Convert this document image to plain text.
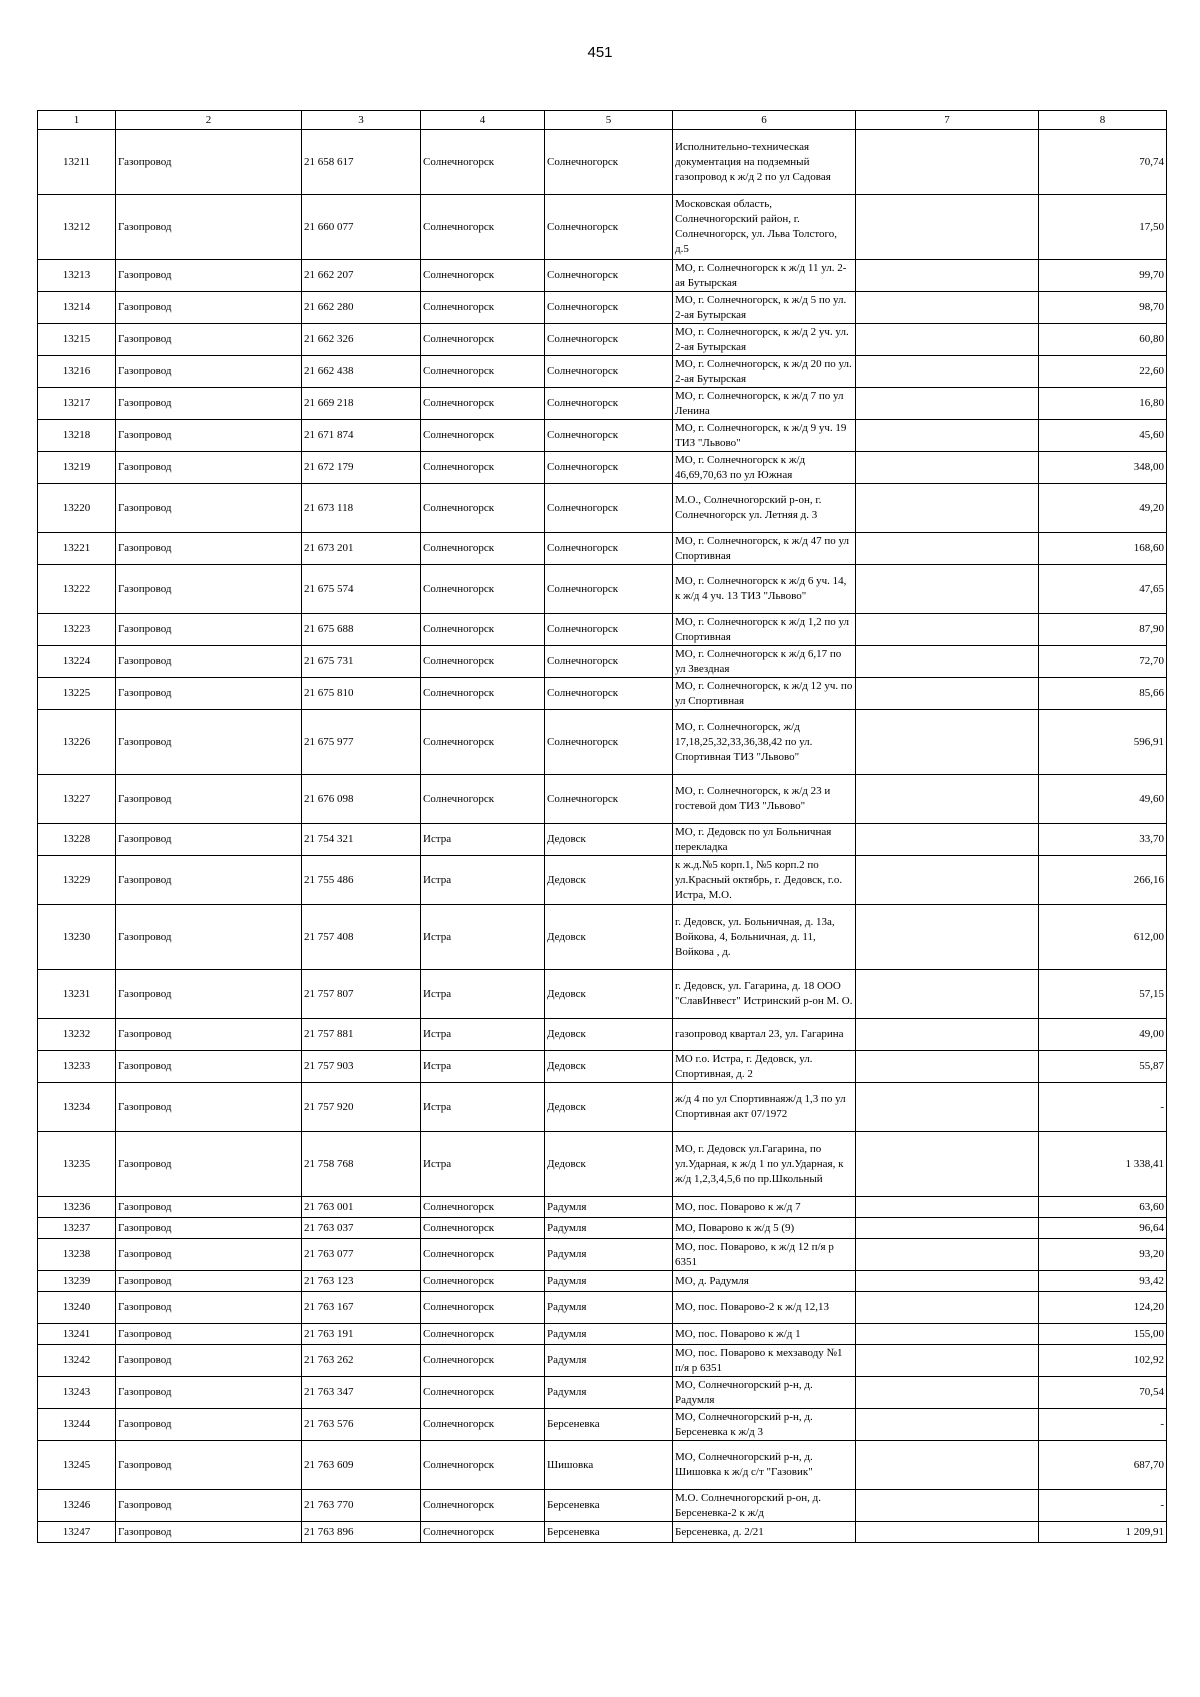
451
1	2	3	4	5	6	7	8
13211	Газопровод	21 658 617	Солнечногорск	Солнечногорск	Исполнительно-техническая документация на подземный газопровод к ж/д 2 по ул Садовая		70,74
13212	Газопровод	21 660 077	Солнечногорск	Солнечногорск	Московская область, Солнечногорский район, г. Солнечногорск, ул. Льва Толстого, д.5		17,50
13213	Газопровод	21 662 207	Солнечногорск	Солнечногорск	МО, г. Солнечногорск к ж/д 11 ул. 2-ая Бутырская		99,70
13214	Газопровод	21 662 280	Солнечногорск	Солнечногорск	МО, г. Солнечногорск, к ж/д 5 по ул. 2-ая Бутырская		98,70
13215	Газопровод	21 662 326	Солнечногорск	Солнечногорск	МО, г. Солнечногорск, к ж/д 2 уч. ул. 2-ая Бутырская		60,80
13216	Газопровод	21 662 438	Солнечногорск	Солнечногорск	МО, г. Солнечногорск, к ж/д 20 по ул. 2-ая Бутырская		22,60
13217	Газопровод	21 669 218	Солнечногорск	Солнечногорск	МО, г. Солнечногорск, к ж/д 7 по ул Ленина		16,80
13218	Газопровод	21 671 874	Солнечногорск	Солнечногорск	МО, г. Солнечногорск, к ж/д 9 уч. 19 ТИЗ "Львово"		45,60
13219	Газопровод	21 672 179	Солнечногорск	Солнечногорск	МО, г. Солнечногорск к ж/д 46,69,70,63 по ул Южная		348,00
13220	Газопровод	21 673 118	Солнечногорск	Солнечногорск	М.О., Солнечногорский р-он, г. Солнечногорск ул. Летняя д. 3		49,20
13221	Газопровод	21 673 201	Солнечногорск	Солнечногорск	МО, г. Солнечногорск, к ж/д 47 по ул Спортивная		168,60
13222	Газопровод	21 675 574	Солнечногорск	Солнечногорск	МО, г. Солнечногорск к ж/д 6 уч. 14, к ж/д 4 уч. 13 ТИЗ "Львово"		47,65
13223	Газопровод	21 675 688	Солнечногорск	Солнечногорск	МО, г. Солнечногорск к ж/д 1,2 по ул Спортивная		87,90
13224	Газопровод	21 675 731	Солнечногорск	Солнечногорск	МО, г. Солнечногорск к ж/д 6,17 по ул Звездная		72,70
13225	Газопровод	21 675 810	Солнечногорск	Солнечногорск	МО, г. Солнечногорск, к ж/д 12 уч. по ул Спортивная		85,66
13226	Газопровод	21 675 977	Солнечногорск	Солнечногорск	МО, г. Солнечногорск, ж/д 17,18,25,32,33,36,38,42 по ул. Спортивная ТИЗ "Львово"		596,91
13227	Газопровод	21 676 098	Солнечногорск	Солнечногорск	МО, г. Солнечногорск, к ж/д 23 и гостевой дом ТИЗ "Львово"		49,60
13228	Газопровод	21 754 321	Истра	Дедовск	МО, г. Дедовск по ул Больничная перекладка		33,70
13229	Газопровод	21 755 486	Истра	Дедовск	к ж.д.№5 корп.1, №5 корп.2 по ул.Красный октябрь, г. Дедовск, г.о. Истра, М.О.		266,16
13230	Газопровод	21 757 408	Истра	Дедовск	г. Дедовск, ул. Больничная, д. 13а, Войкова, 4, Больничная, д. 11, Войкова , д.		612,00
13231	Газопровод	21 757 807	Истра	Дедовск	г. Дедовск, ул. Гагарина, д. 18 ООО "СлавИнвест" Истринский р-он М. О.		57,15
13232	Газопровод	21 757 881	Истра	Дедовск	газопровод квартал 23, ул. Гагарина		49,00
13233	Газопровод	21 757 903	Истра	Дедовск	МО г.о. Истра, г. Дедовск, ул. Спортивная, д. 2		55,87
13234	Газопровод	21 757 920	Истра	Дедовск	ж/д 4 по ул Спортивнаяж/д 1,3 по ул Спортивная акт 07/1972		-
13235	Газопровод	21 758 768	Истра	Дедовск	МО, г. Дедовск ул.Гагарина, по ул.Ударная, к ж/д 1 по ул.Ударная, к ж/д 1,2,3,4,5,6 по пр.Школьный		1 338,41
13236	Газопровод	21 763 001	Солнечногорск	Радумля	МО, пос. Поварово к ж/д 7		63,60
13237	Газопровод	21 763 037	Солнечногорск	Радумля	МО, Поварово к ж/д 5 (9)		96,64
13238	Газопровод	21 763 077	Солнечногорск	Радумля	МО, пос. Поварово, к ж/д 12 п/я р 6351		93,20
13239	Газопровод	21 763 123	Солнечногорск	Радумля	МО, д. Радумля		93,42
13240	Газопровод	21 763 167	Солнечногорск	Радумля	МО, пос. Поварово-2 к ж/д 12,13		124,20
13241	Газопровод	21 763 191	Солнечногорск	Радумля	МО, пос. Поварово к ж/д 1		155,00
13242	Газопровод	21 763 262	Солнечногорск	Радумля	МО, пос. Поварово к мехзаводу №1 п/я р 6351		102,92
13243	Газопровод	21 763 347	Солнечногорск	Радумля	МО, Солнечногорский р-н, д. Радумля		70,54
13244	Газопровод	21 763 576	Солнечногорск	Берсеневка	МО, Солнечногорский р-н, д. Берсеневка к ж/д 3		-
13245	Газопровод	21 763 609	Солнечногорск	Шишовка	МО, Солнечногорский р-н, д. Шишовка к ж/д с/т "Газовик"		687,70
13246	Газопровод	21 763 770	Солнечногорск	Берсеневка	М.О. Солнечногорский р-он, д. Берсеневка-2 к ж/д		-
13247	Газопровод	21 763 896	Солнечногорск	Берсеневка	Берсеневка, д. 2/21		1 209,91
